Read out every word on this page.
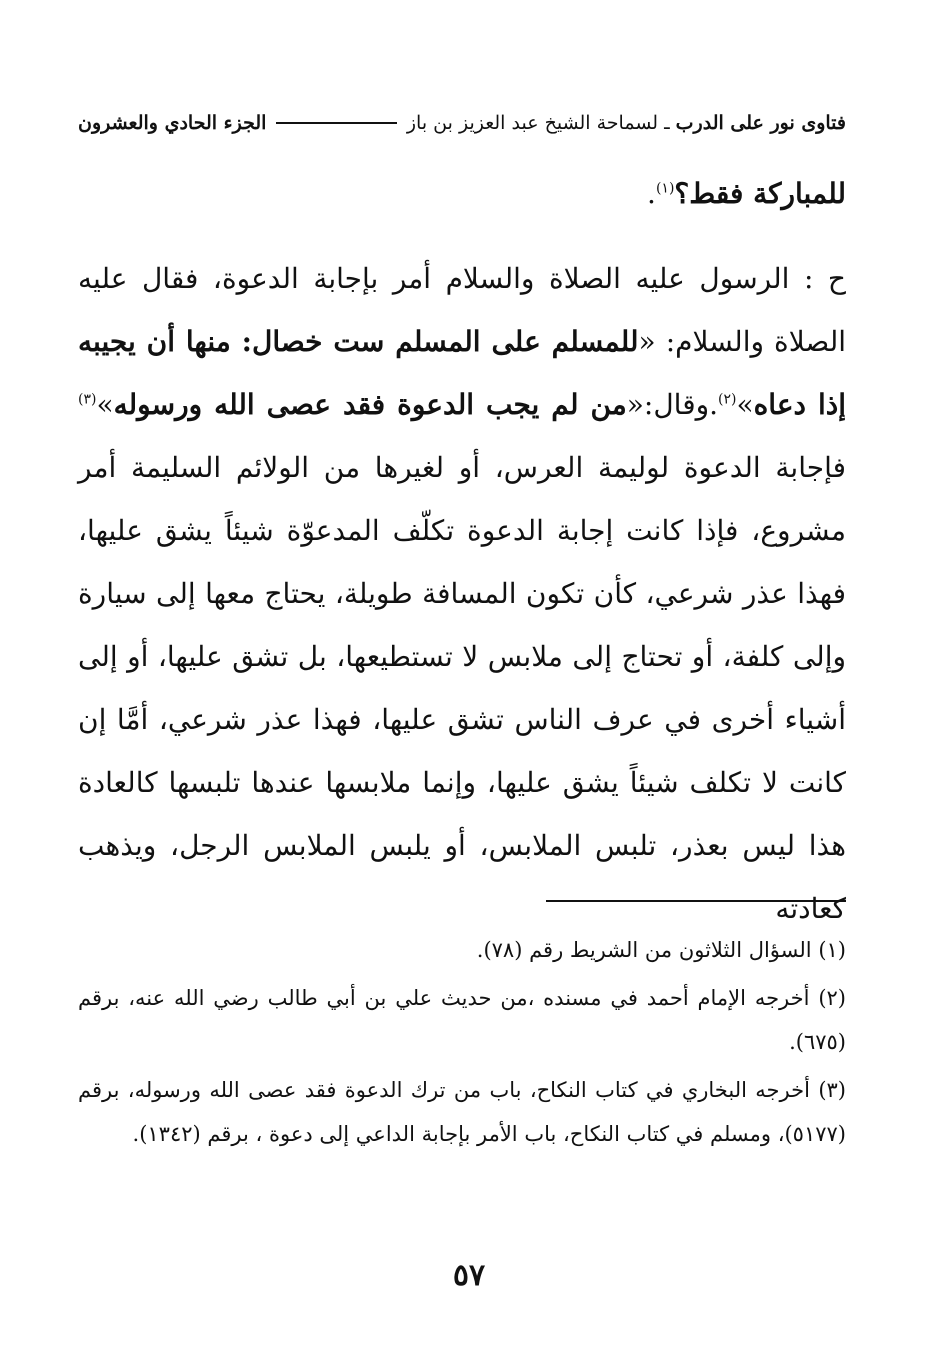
فتاوى نور على الدرب
ـ
لسماحة الشيخ عبد العزيز بن باز
الجزء الحادي والعشرون

للمباركة فقط؟$^{(١)}$.

ح : الرسول عليه الصلاة والسلام أمر بإجابة الدعوة، فقال عليه الصلاة والسلام: «للمسلم على المسلم ست خصال: منها أن يجيبه إذا دعاه»$^{(٢)}$.وقال:«من لم يجب الدعوة فقد عصى الله ورسوله»$^{(٣)}$ فإجابة الدعوة لوليمة العرس، أو لغيرها من الولائم السليمة أمر مشروع، فإذا كانت إجابة الدعوة تكلّف المدعوّة شيئاً يشق عليها، فهذا عذر شرعي، كأن تكون المسافة طويلة، يحتاج معها إلى سيارة وإلى كلفة، أو تحتاج إلى ملابس لا تستطيعها، بل تشق عليها، أو إلى أشياء أخرى في عرف الناس تشق عليها، فهذا عذر شرعي، أمَّا إن كانت لا تكلف شيئاً يشق عليها، وإنما ملابسها عندها تلبسها كالعادة هذا ليس بعذر، تلبس الملابس، أو يلبس الملابس الرجل، ويذهب كعادته

(١) السؤال الثلاثون من الشريط رقم (٧٨).

(٢) أخرجه الإمام أحمد في مسنده ،من حديث علي بن أبي طالب رضي الله عنه، برقم (٦٧٥).

(٣) أخرجه البخاري في كتاب النكاح، باب من ترك الدعوة فقد عصى الله ورسوله، برقم (٥١٧٧)، ومسلم في كتاب النكاح، باب الأمر بإجابة الداعي إلى دعوة ، برقم (١٣٤٢).

٥٧
